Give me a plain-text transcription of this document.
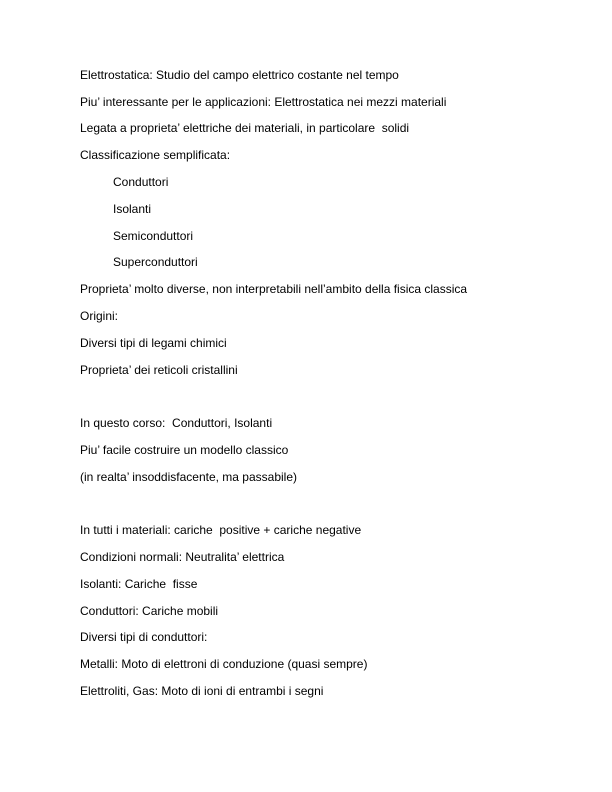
Elettrostatica: Studio del campo elettrico costante nel tempo
Piu’ interessante per le applicazioni: Elettrostatica nei mezzi materiali
Legata a proprieta’ elettriche dei materiali, in particolare  solidi
Classificazione semplificata:
Conduttori
Isolanti
Semiconduttori
Superconduttori
Proprieta’ molto diverse, non interpretabili nell’ambito della fisica classica
Origini:
Diversi tipi di legami chimici
Proprieta’ dei reticoli cristallini
In questo corso:  Conduttori, Isolanti
Piu’ facile costruire un modello classico
(in realta’ insoddisfacente, ma passabile)
In tutti i materiali: cariche  positive + cariche negative
Condizioni normali: Neutralita’ elettrica
Isolanti: Cariche  fisse
Conduttori: Cariche mobili
Diversi tipi di conduttori:
Metalli: Moto di elettroni di conduzione (quasi sempre)
Elettroliti, Gas: Moto di ioni di entrambi i segni
